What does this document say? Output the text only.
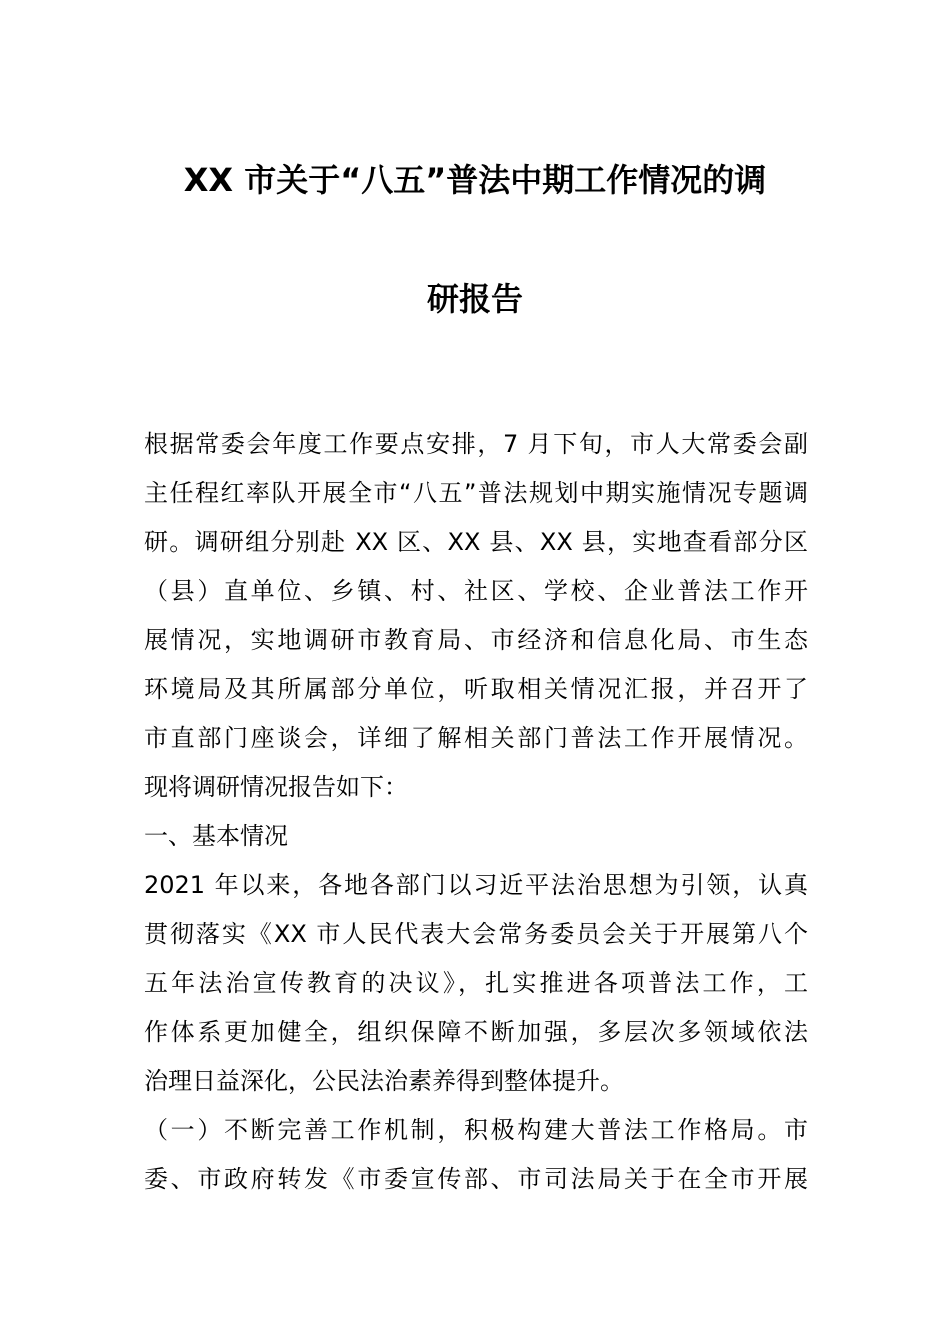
XX 市关于“八五”普法中期工作情况的调
研报告
根据常委会年度工作要点安排，7 月下旬，市人大常委会副
主任程红率队开展全市“八五”普法规划中期实施情况专题调
研。调研组分别赴 XX 区、XX 县、XX 县，实地查看部分区
（县）直单位、乡镇、村、社区、学校、企业普法工作开
展情况，实地调研市教育局、市经济和信息化局、市生态
环境局及其所属部分单位，听取相关情况汇报，并召开了
市直部门座谈会，详细了解相关部门普法工作开展情况。
现将调研情况报告如下：
一、基本情况
2021 年以来，各地各部门以习近平法治思想为引领，认真
贯彻落实《XX 市人民代表大会常务委员会关于开展第八个
五年法治宣传教育的决议》，扎实推进各项普法工作，工
作体系更加健全，组织保障不断加强，多层次多领域依法
治理日益深化，公民法治素养得到整体提升。
（一）不断完善工作机制，积极构建大普法工作格局。市
委、市政府转发《市委宣传部、市司法局关于在全市开展
